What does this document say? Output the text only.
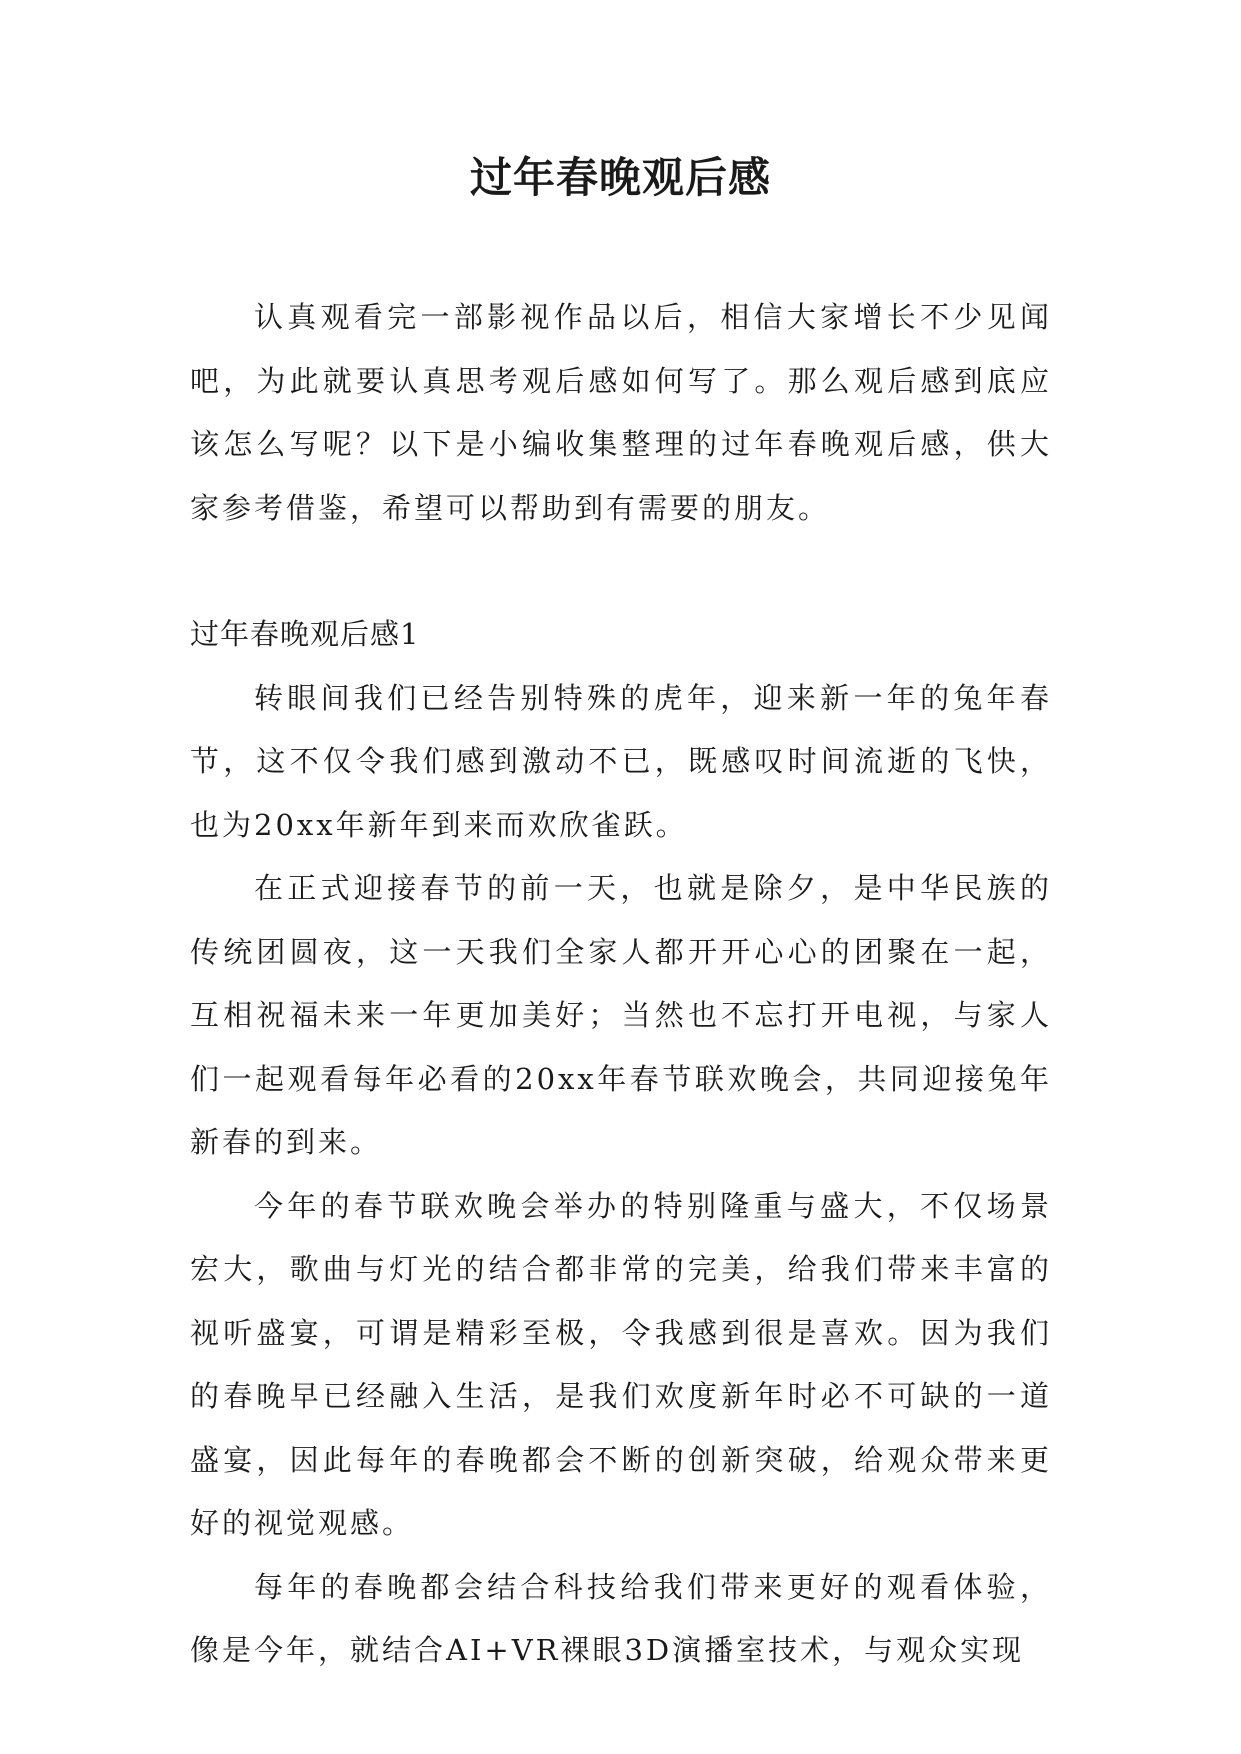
过年春晚观后感

认真观看完一部影视作品以后，相信大家增长不少见闻吧，为此就要认真思考观后感如何写了。那么观后感到底应该怎么写呢？以下是小编收集整理的过年春晚观后感，供大家参考借鉴，希望可以帮助到有需要的朋友。

过年春晚观后感1

转眼间我们已经告别特殊的虎年，迎来新一年的兔年春节，这不仅令我们感到激动不已，既感叹时间流逝的飞快，也为20xx年新年到来而欢欣雀跃。

在正式迎接春节的前一天，也就是除夕，是中华民族的传统团圆夜，这一天我们全家人都开开心心的团聚在一起，互相祝福未来一年更加美好；当然也不忘打开电视，与家人们一起观看每年必看的20xx年春节联欢晚会，共同迎接兔年新春的到来。

今年的春节联欢晚会举办的特别隆重与盛大，不仅场景宏大，歌曲与灯光的结合都非常的完美，给我们带来丰富的视听盛宴，可谓是精彩至极，令我感到很是喜欢。因为我们的春晚早已经融入生活，是我们欢度新年时必不可缺的一道盛宴，因此每年的春晚都会不断的创新突破，给观众带来更好的视觉观感。

每年的春晚都会结合科技给我们带来更好的观看体验，像是今年，就结合AI+VR裸眼3D演播室技术，与观众实现
